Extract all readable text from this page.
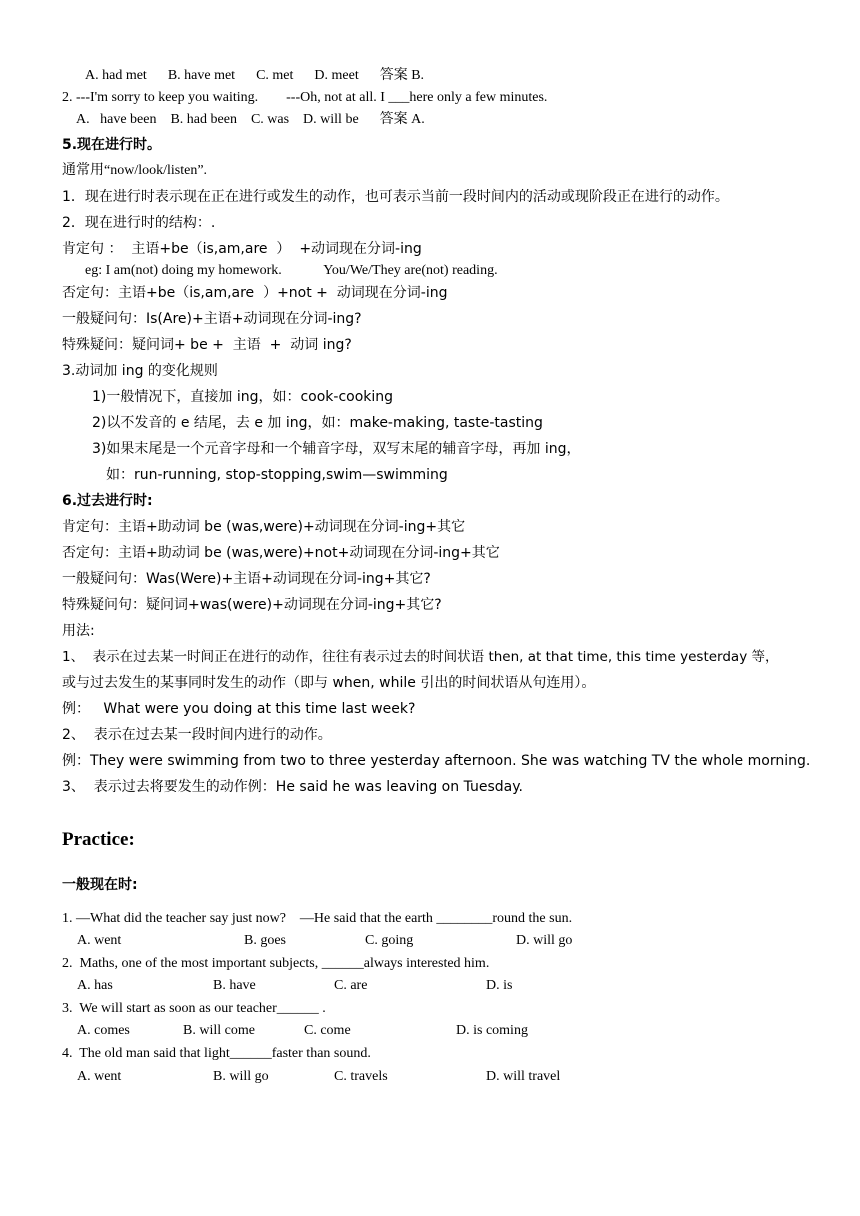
A. had met      B. have met      C. met      D. meet      答案 B.
2. ---I'm sorry to keep you waiting.        ---Oh, not at all. I ___here only a few minutes.
A.   have been    B. had been    C. was    D. will be      答案 A.
5.现在进行时。
通常用“now/look/listen”.
1．现在进行时表示现在正在进行或发生的动作，也可表示当前一段时间内的活动或现阶段正在进行的动作。
2．现在进行时的结构：.
肯定句 ：  主语+be（is,am,are  ）  +动词现在分词-ing
eg: I am(not) doing my homework.            You/We/They are(not) reading.
否定句：主语+be（is,am,are  ）+not +  动词现在分词-ing
一般疑问句：Is(Are)+主语+动词现在分词-ing?
特殊疑问：疑问词+ be +  主语  +  动词 ing?
3.动词加 ing 的变化规则
1)一般情况下，直接加 ing，如：cook-cooking
2)以不发音的 e 结尾，去 e 加 ing，如：make-making, taste-tasting
3)如果末尾是一个元音字母和一个辅音字母，双写末尾的辅音字母，再加 ing，
如：run-running, stop-stopping,swim—swimming
6.过去进行时:
肯定句：主语+助动词 be (was,were)+动词现在分词-ing+其它
否定句：主语+助动词 be (was,were)+not+动词现在分词-ing+其它
一般疑问句：Was(Were)+主语+动词现在分词-ing+其它?
特殊疑问句：疑问词+was(were)+动词现在分词-ing+其它?
用法:
1、  表示在过去某一时间正在进行的动作，往往有表示过去的时间状语 then, at that time, this time yesterday 等，
或与过去发生的某事同时发生的动作（即与 when, while 引出的时间状语从句连用）。
例：   What were you doing at this time last week?
2、  表示在过去某一段时间内进行的动作。
例：They were swimming from two to three yesterday afternoon. She was watching TV the whole morning.
3、  表示过去将要发生的动作例：He said he was leaving on Tuesday.
Practice:
一般现在时:
1. —What did the teacher say just now?    —He said that the earth ________round the sun.
A. went	B. goes	C. going	D. will go
2.  Maths, one of the most important subjects, ______always interested him.
A. has	B. have	C. are	D. is
3.  We will start as soon as our teacher______ .
A. comes	B. will come	C. come	D. is coming
4.  The old man said that light______faster than sound.
A. went	B. will go	C. travels	D. will travel
